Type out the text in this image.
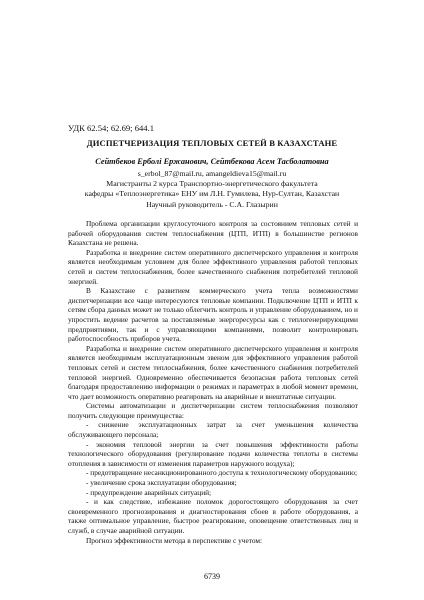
УДК 62.54; 62.69; 644.1
ДИСПЕТЧЕРИЗАЦИЯ ТЕПЛОВЫХ СЕТЕЙ В КАЗАХСТАНЕ
Сейтбеков Ерболі Ержанович, Сейтбекова Асем Тасболатовна
s_erbol_87@mail.ru, amangeldieva15@mail.ru
Магистранты 2 курса Транспортно-энергетического факультета
кафедры «Теплоэнергетика» ЕНУ им Л.Н. Гумилева, Нур-Султан, Казахстан
Научный руководитель - С.А. Глазырин

Проблема организации круглосуточного контроля за состоянием тепловых сетей и рабочей оборудования систем теплоснабжения (ЦТП, ИТП) в большинстве регионов Казахстана не решена.

Разработка и внедрение систем оперативного диспетчерского управления и контроля является необходимым условием для более эффективного управления работой тепловых сетей и систем теплоснабжения, более качественного снабжения потребителей тепловой энергией.

В Казахстане с развитием коммерческого учета тепла возможностями диспетчеризации все чаще интересуются тепловые компании. Подключение ЦТП и ИТП к сетям сбора данных может не только облегчить контроль и управление оборудованием, но и упростить ведение расчетов за поставляемые энергоресурсы как с теплогенерирующими предприятиями, так и с управляющими компаниями, позволит контролировать работоспособность приборов учета.

Разработка и внедрение систем оперативного диспетчерского управления и контроля является необходимым эксплуатационным звеном для эффективного управления работой тепловых сетей и систем теплоснабжения, более качественного снабжения потребителей тепловой энергией. Одновременно обеспечивается безопасная работа тепловых сетей благодаря предоставлению информации о режимах и параметрах в любой момент времени, что дает возможность оперативно реагировать на аварийные и внештатные ситуации.

Системы автоматизации и диспетчеризации систем теплоснабжения позволяют получить следующие преимущества:

- снижение эксплуатационных затрат за счет уменьшения количества обслуживающего персонала;

- экономия тепловой энергии за счет повышения эффективности работы технологического оборудования (регулирование подачи количества теплоты в системы отопления в зависимости от изменения параметров наружного воздуха);

- предотвращение несанкционированного доступа к технологическому оборудованию;

- увеличение срока эксплуатации оборудования;

- предупреждение аварийных ситуаций;

- и как следствие, избежание поломок дорогостоящего оборудования за счет своевременного прогнозирования и диагностирования сбоев в работе оборудования, а также оптимальное управление, быстрое реагирование, оповещение ответственных лиц и служб, в случае аварийной ситуации.

Прогноз эффективности метода в перспективе с учетом:

6739
